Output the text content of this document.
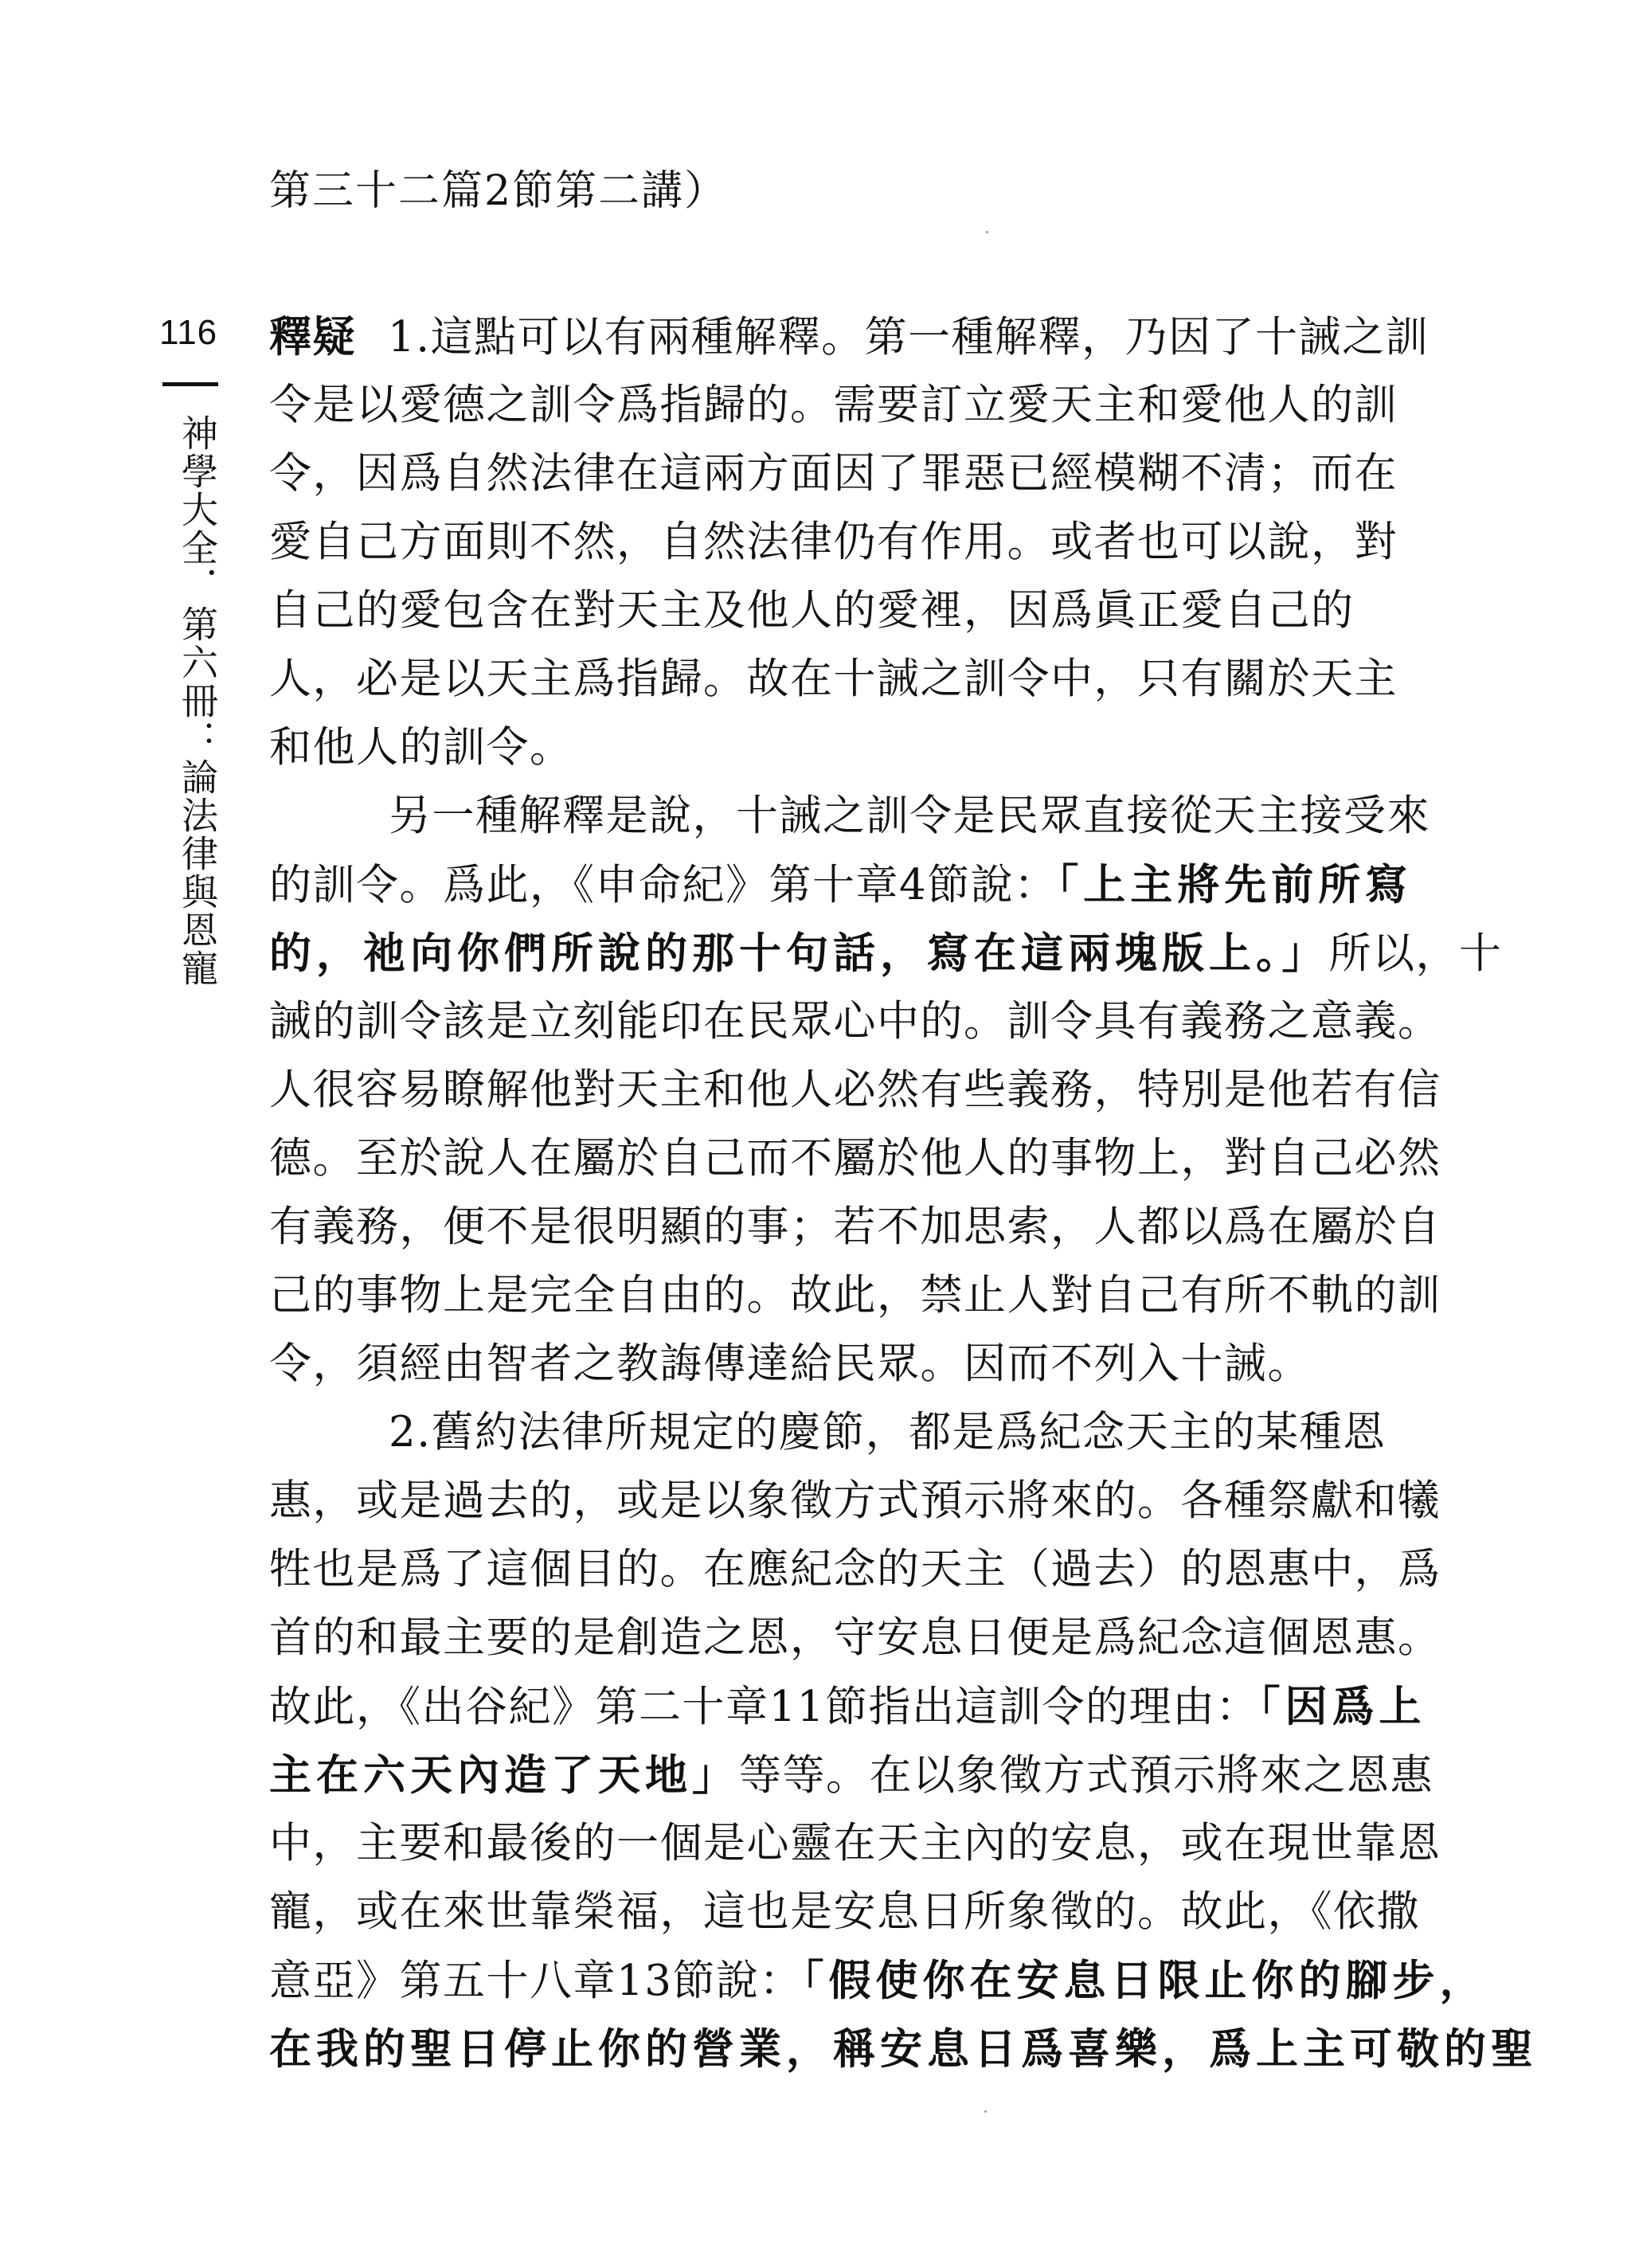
第三十二篇2節第二講）
116
神學大全．第六冊：論法律與恩寵
釋疑 1.這點可以有兩種解釋。第一種解釋，乃因了十誡之訓
令是以愛德之訓令爲指歸的。需要訂立愛天主和愛他人的訓
令，因爲自然法律在這兩方面因了罪惡已經模糊不清；而在
愛自己方面則不然，自然法律仍有作用。或者也可以說，對
自己的愛包含在對天主及他人的愛裡，因爲眞正愛自己的
人，必是以天主爲指歸。故在十誡之訓令中，只有關於天主
和他人的訓令。
另一種解釋是說，十誡之訓令是民眾直接從天主接受來
的訓令。爲此，《申命紀》第十章4節說：「上主將先前所寫
的，祂向你們所說的那十句話，寫在這兩塊版上。」所以，十
誡的訓令該是立刻能印在民眾心中的。訓令具有義務之意義。
人很容易瞭解他對天主和他人必然有些義務，特別是他若有信
德。至於說人在屬於自己而不屬於他人的事物上，對自己必然
有義務，便不是很明顯的事；若不加思索，人都以爲在屬於自
己的事物上是完全自由的。故此，禁止人對自己有所不軌的訓
令，須經由智者之教誨傳達給民眾。因而不列入十誡。
2.舊約法律所規定的慶節，都是爲紀念天主的某種恩
惠，或是過去的，或是以象徵方式預示將來的。各種祭獻和犧
牲也是爲了這個目的。在應紀念的天主（過去）的恩惠中，爲
首的和最主要的是創造之恩，守安息日便是爲紀念這個恩惠。
故此，《出谷紀》第二十章11節指出這訓令的理由：「因爲上
主在六天內造了天地」等等。在以象徵方式預示將來之恩惠
中，主要和最後的一個是心靈在天主內的安息，或在現世靠恩
寵，或在來世靠榮福，這也是安息日所象徵的。故此，《依撒
意亞》第五十八章13節說：「假使你在安息日限止你的腳步，
在我的聖日停止你的營業，稱安息日爲喜樂，爲上主可敬的聖
